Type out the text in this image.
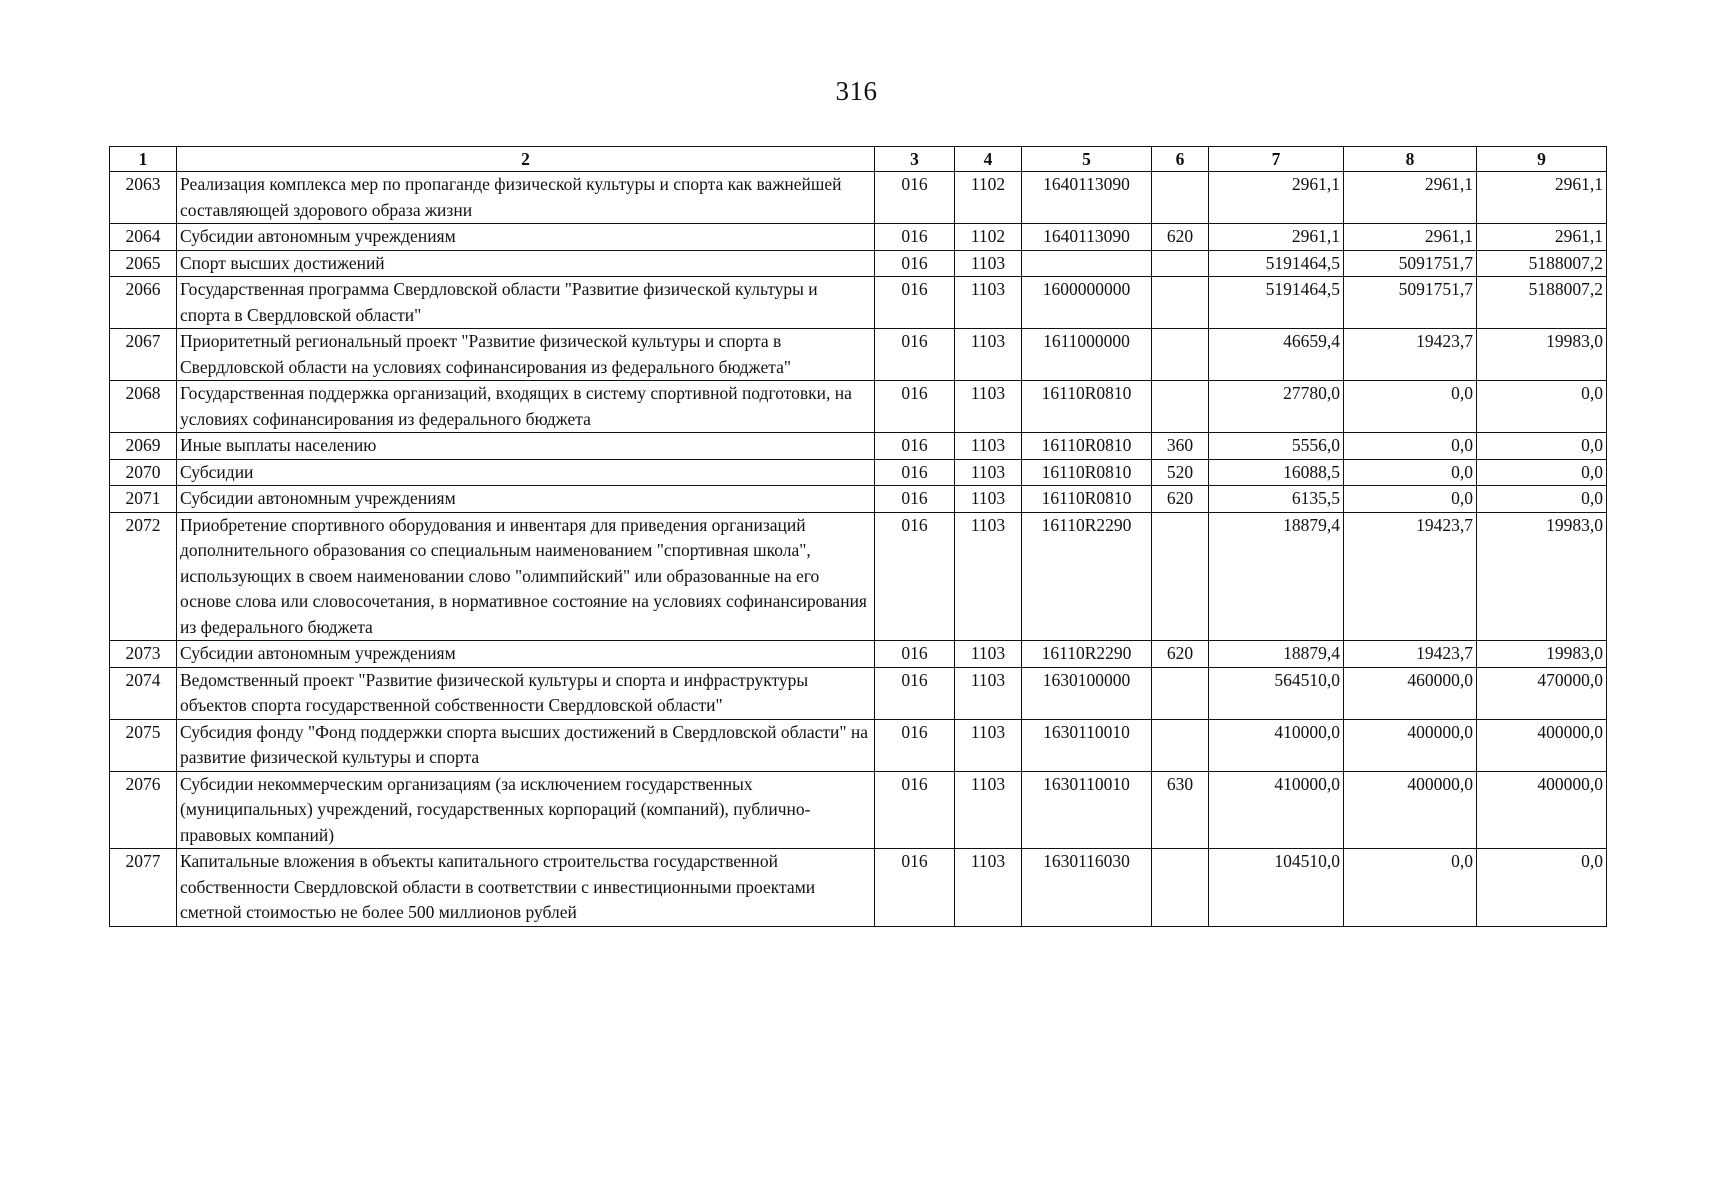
316
1	2	3	4	5	6	7	8	9
2063	Реализация комплекса мер по пропаганде физической культуры и спорта как важнейшей составляющей здорового образа жизни	016	1102	1640113090		2961,1	2961,1	2961,1
2064	Субсидии автономным учреждениям	016	1102	1640113090	620	2961,1	2961,1	2961,1
2065	Спорт высших достижений	016	1103			5191464,5	5091751,7	5188007,2
2066	Государственная программа Свердловской области "Развитие физической культуры и спорта в Свердловской области"	016	1103	1600000000		5191464,5	5091751,7	5188007,2
2067	Приоритетный региональный проект "Развитие физической культуры и спорта в Свердловской области на условиях софинансирования из федерального бюджета"	016	1103	1611000000		46659,4	19423,7	19983,0
2068	Государственная поддержка организаций, входящих в систему спортивной подготовки, на условиях софинансирования из федерального бюджета	016	1103	16110R0810		27780,0	0,0	0,0
2069	Иные выплаты населению	016	1103	16110R0810	360	5556,0	0,0	0,0
2070	Субсидии	016	1103	16110R0810	520	16088,5	0,0	0,0
2071	Субсидии автономным учреждениям	016	1103	16110R0810	620	6135,5	0,0	0,0
2072	Приобретение спортивного оборудования и инвентаря для приведения организаций дополнительного образования со специальным наименованием "спортивная школа", использующих в своем наименовании слово "олимпийский" или образованные на его основе слова или словосочетания, в нормативное состояние на условиях софинансирования из федерального бюджета	016	1103	16110R2290		18879,4	19423,7	19983,0
2073	Субсидии автономным учреждениям	016	1103	16110R2290	620	18879,4	19423,7	19983,0
2074	Ведомственный проект "Развитие физической культуры и спорта и инфраструктуры объектов спорта государственной собственности Свердловской области"	016	1103	1630100000		564510,0	460000,0	470000,0
2075	Субсидия фонду "Фонд поддержки спорта высших достижений в Свердловской области" на развитие физической культуры и спорта	016	1103	1630110010		410000,0	400000,0	400000,0
2076	Субсидии некоммерческим организациям (за исключением государственных (муниципальных) учреждений, государственных корпораций (компаний), публично-правовых компаний)	016	1103	1630110010	630	410000,0	400000,0	400000,0
2077	Капитальные вложения в объекты капитального строительства государственной собственности Свердловской области в соответствии с инвестиционными проектами сметной стоимостью не более 500 миллионов рублей	016	1103	1630116030		104510,0	0,0	0,0
